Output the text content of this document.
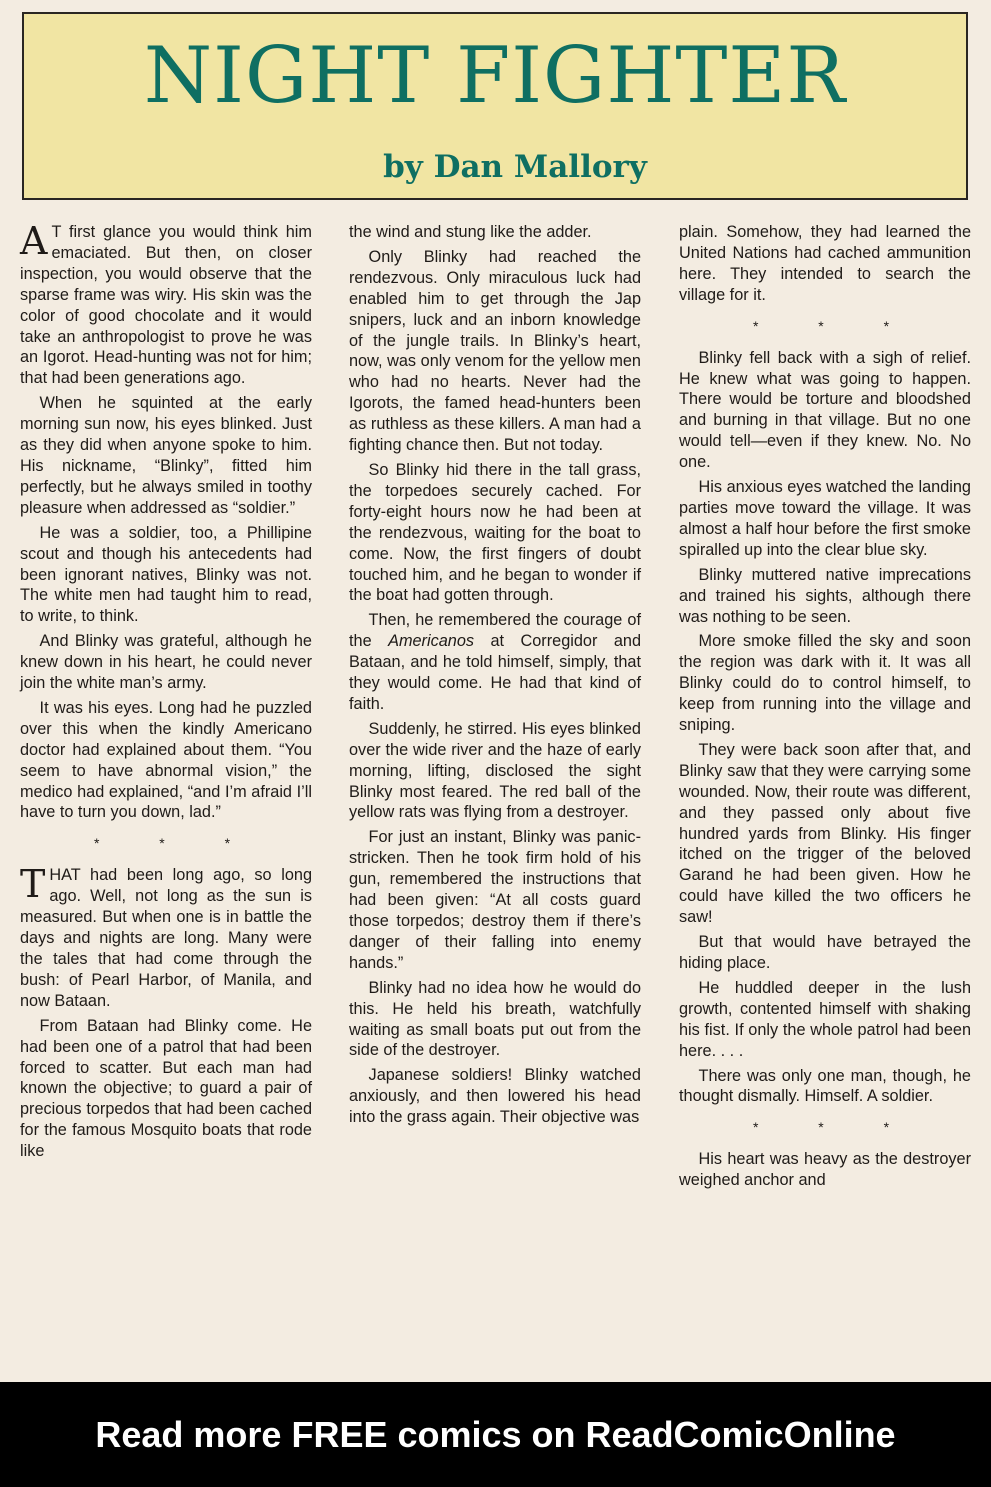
NIGHT FIGHTER
by Dan Mallory

A T first glance you would think him emaciated. But then, on closer inspection, you would observe that the sparse frame was wiry. His skin was the color of good chocolate and it would take an anthropologist to prove he was an Igorot. Head-hunting was not for him; that had been generations ago.

When he squinted at the early morning sun now, his eyes blinked. Just as they did when anyone spoke to him. His nickname, “Blinky”, fitted him perfectly, but he always smiled in toothy pleasure when addressed as “soldier.”

He was a soldier, too, a Phillipine scout and though his antecedents had been ignorant natives, Blinky was not. The white men had taught him to read, to write, to think.

And Blinky was grateful, although he knew down in his heart, he could never join the white man’s army.

It was his eyes. Long had he puzzled over this when the kindly Americano doctor had explained about them. “You seem to have abnormal vision,” the medico had explained, “and I’m afraid I’ll have to turn you down, lad.”

* * *

THAT had been long ago, so long ago. Well, not long as the sun is measured. But when one is in battle the days and nights are long. Many were the tales that had come through the bush: of Pearl Harbor, of Manila, and now Bataan.

From Bataan had Blinky come. He had been one of a patrol that had been forced to scatter. But each man had known the objective; to guard a pair of precious torpedos that had been cached for the famous Mosquito boats that rode like

the wind and stung like the adder.

Only Blinky had reached the rendezvous. Only miraculous luck had enabled him to get through the Jap snipers, luck and an inborn knowledge of the jungle trails. In Blinky’s heart, now, was only venom for the yellow men who had no hearts. Never had the Igorots, the famed head-hunters been as ruthless as these killers. A man had a fighting chance then. But not today.

So Blinky hid there in the tall grass, the torpedoes securely cached. For forty-eight hours now he had been at the rendezvous, waiting for the boat to come. Now, the first fingers of doubt touched him, and he began to wonder if the boat had gotten through.

Then, he remembered the courage of the Americanos at Corregidor and Bataan, and he told himself, simply, that they would come. He had that kind of faith.

Suddenly, he stirred. His eyes blinked over the wide river and the haze of early morning, lifting, disclosed the sight Blinky most feared. The red ball of the yellow rats was flying from a destroyer.

For just an instant, Blinky was panic-stricken. Then he took firm hold of his gun, remembered the instructions that had been given: “At all costs guard those torpedos; destroy them if there’s danger of their falling into enemy hands.”

Blinky had no idea how he would do this. He held his breath, watchfully waiting as small boats put out from the side of the destroyer.

Japanese soldiers! Blinky watched anxiously, and then lowered his head into the grass again. Their objective was

plain. Somehow, they had learned the United Nations had cached ammunition here. They intended to search the village for it.

* * *

Blinky fell back with a sigh of relief. He knew what was going to happen. There would be torture and bloodshed and burning in that village. But no one would tell—even if they knew. No. No one.

His anxious eyes watched the landing parties move toward the village. It was almost a half hour before the first smoke spiralled up into the clear blue sky.

Blinky muttered native imprecations and trained his sights, although there was nothing to be seen.

More smoke filled the sky and soon the region was dark with it. It was all Blinky could do to control himself, to keep from running into the village and sniping.

They were back soon after that, and Blinky saw that they were carrying some wounded. Now, their route was different, and they passed only about five hundred yards from Blinky. His finger itched on the trigger of the beloved Garand he had been given. How he could have killed the two officers he saw!

But that would have betrayed the hiding place.

He huddled deeper in the lush growth, contented himself with shaking his fist. If only the whole patrol had been here. . . .

There was only one man, though, he thought dismally. Himself. A soldier.

* * *

His heart was heavy as the destroyer weighed anchor and

Read more FREE comics on ReadComicOnline
